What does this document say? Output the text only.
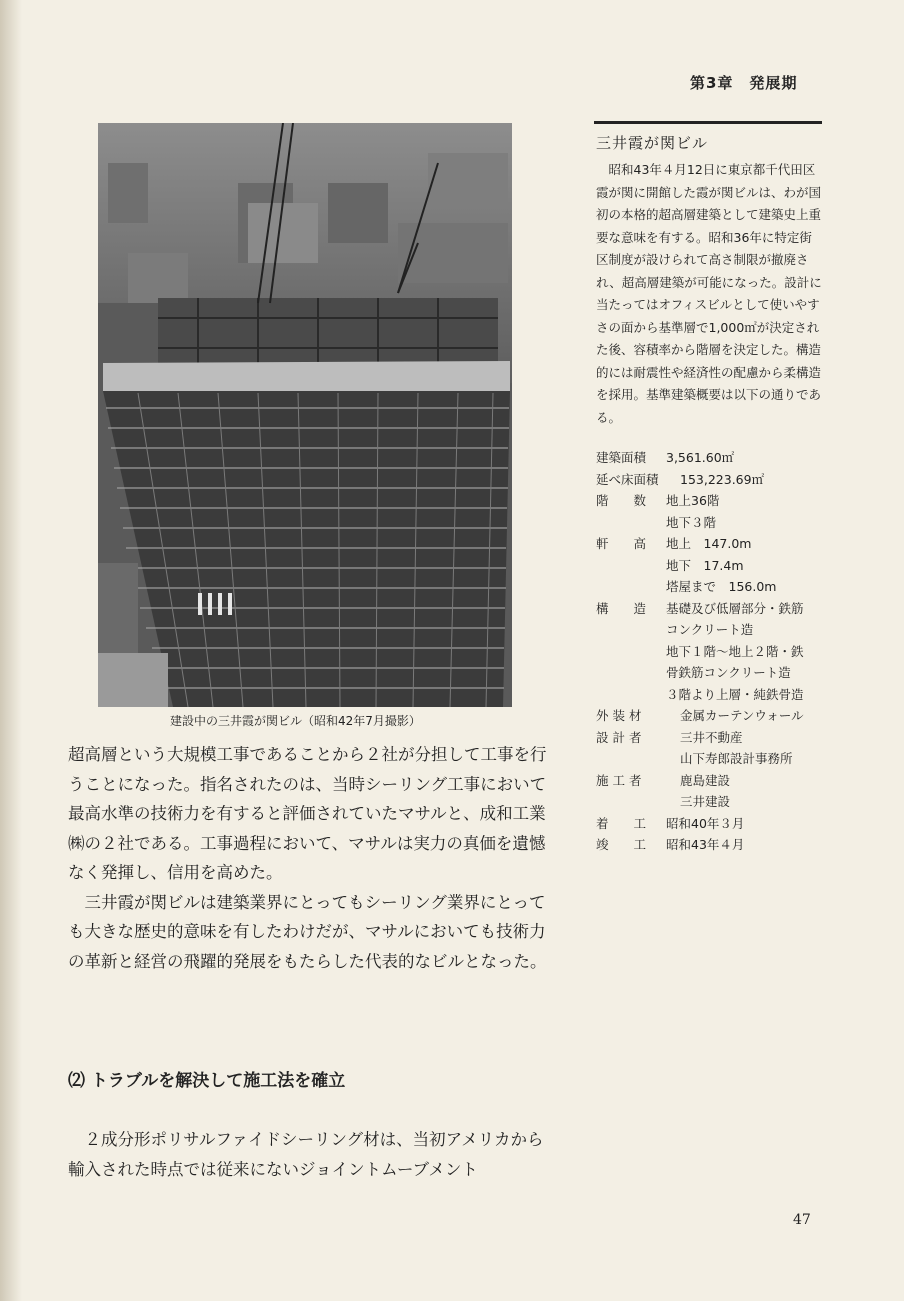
第3章　発展期
建設中の三井霞が関ビル（昭和42年7月撮影）

超高層という大規模工事であることから２社が分担して工事を行うことになった。指名されたのは、当時シーリング工事において最高水準の技術力を有すると評価されていたマサルと、成和工業㈱の２社である。工事過程において、マサルは実力の真価を遺憾なく発揮し、信用を高めた。

三井霞が関ビルは建築業界にとってもシーリング業界にとっても大きな歴史的意味を有したわけだが、マサルにおいても技術力の革新と経営の飛躍的発展をもたらした代表的なビルとなった。

⑵ トラブルを解決して施工法を確立

２成分形ポリサルファイドシーリング材は、当初アメリカから輸入された時点では従来にないジョイントムーブメント

三井霞が関ビル

昭和43年４月12日に東京都千代田区霞が関に開館した霞が関ビルは、わが国初の本格的超高層建築として建築史上重要な意味を有する。昭和36年に特定街区制度が設けられて高さ制限が撤廃され、超高層建築が可能になった。設計に当たってはオフィスビルとして使いやすさの面から基準層で1,000㎡が決定された後、容積率から階層を決定した。構造的には耐震性や経済性の配慮から柔構造を採用。基準建築概要は以下の通りである。

建築面積	3,561.60㎡
延べ床面積	153,223.69㎡
階　　数	地上36階
地下３階
軒　　高	地上　147.0m
地下　17.4m
塔屋まで　156.0m
構　　造	基礎及び低層部分・鉄筋
コンクリート造
地下１階〜地上２階・鉄
骨鉄筋コンクリート造
３階より上層・純鉄骨造
外 装 材	金属カーテンウォール
設 計 者	三井不動産
山下寿郎設計事務所
施 工 者	鹿島建設
三井建設
着　　工	昭和40年３月
竣　　工	昭和43年４月
47
